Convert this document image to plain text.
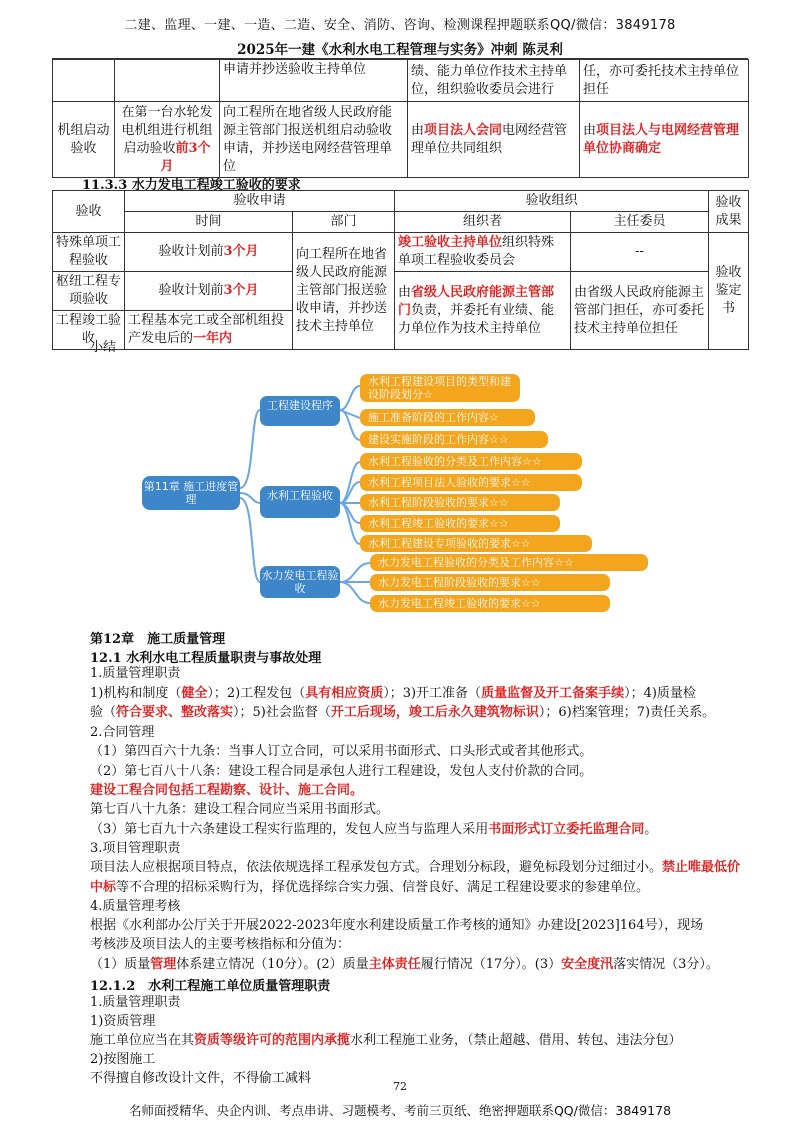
二建、监理、一建、一造、二造、安全、消防、咨询、检测课程押题联系QQ/微信：3849178
2025年一建《水利水电工程管理与实务》冲刺 陈灵利
		申请并抄送验收主持单位	绩、能力单位作技术主持单位，组织验收委员会进行	任，亦可委托技术主持单位担任
机组启动验收	在第一台水轮发电机组进行机组启动验收前3个月	向工程所在地省级人民政府能源主管部门报送机组启动验收申请，并抄送电网经营管理单位	由项目法人会同电网经营管理单位共同组织	由项目法人与电网经营管理单位协商确定
11.3.3 水力发电工程竣工验收的要求
验收	验收申请		验收组织		验收成果
	时间	部门	组织者	主任委员	
特殊单项工程验收	验收计划前3个月	向工程所在地省级人民政府能源主管部门报送验收申请，并抄送技术主持单位	竣工验收主持单位组织特殊单项工程验收委员会	--	验收鉴定书
枢纽工程专项验收	验收计划前3个月		由省级人民政府能源主管部门负责，并委托有业绩、能力单位作为技术主持单位	由省级人民政府能源主管部门担任，亦可委托技术主持单位担任	
工程竣工验收	工程基本完工或全部机组投产发电后的一年内				
小结
第11章 施工进度管理
工程建设程序
水利工程验收
水力发电工程验收
水利工程建设项目的类型和建设阶段划分☆
施工准备阶段的工作内容☆
建设实施阶段的工作内容☆☆
水利工程验收的分类及工作内容☆☆
水利工程项目法人验收的要求☆☆
水利工程阶段验收的要求☆☆
水利工程竣工验收的要求☆☆
水利工程建设专项验收的要求☆☆
水力发电工程验收的分类及工作内容☆☆
水力发电工程阶段验收的要求☆☆
水力发电工程竣工验收的要求☆☆
第12章　施工质量管理
12.1 水利水电工程质量职责与事故处理
1.质量管理职责
1)机构和制度（健全）；2)工程发包（具有相应资质）；3)开工准备（质量监督及开工备案手续）；4)质量检
验（符合要求、整改落实）；5)社会监督（开工后现场，竣工后永久建筑物标识）；6)档案管理；7)责任关系。
2.合同管理
（1）第四百六十九条：当事人订立合同，可以采用书面形式、口头形式或者其他形式。
（2）第七百八十八条：建设工程合同是承包人进行工程建设，发包人支付价款的合同。
建设工程合同包括工程勘察、设计、施工合同。
第七百八十九条：建设工程合同应当采用书面形式。
（3）第七百九十六条建设工程实行监理的，发包人应当与监理人采用书面形式订立委托监理合同。
3.项目管理职责
项目法人应根据项目特点，依法依规选择工程承发包方式。合理划分标段，避免标段划分过细过小。禁止唯最低价中标等不合理的招标采购行为，择优选择综合实力强、信誉良好、满足工程建设要求的参建单位。
4.质量管理考核
根据《水利部办公厅关于开展2022-2023年度水利建设质量工作考核的通知》办建设[2023]164号），现场
考核涉及项目法人的主要考核指标和分值为：
（1）质量管理体系建立情况（10分）。(2）质量主体责任履行情况（17分）。(3）安全度汛落实情况（3分）。
12.1.2　水利工程施工单位质量管理职责
1.质量管理职责
1)资质管理
施工单位应当在其资质等级许可的范围内承揽水利工程施工业务，（禁止超越、借用、转包、违法分包）
2)按图施工
不得擅自修改设计文件，不得偷工减料
72
名师面授精华、央企内训、考点串讲、习题模考、考前三页纸、绝密押题联系QQ/微信：3849178
